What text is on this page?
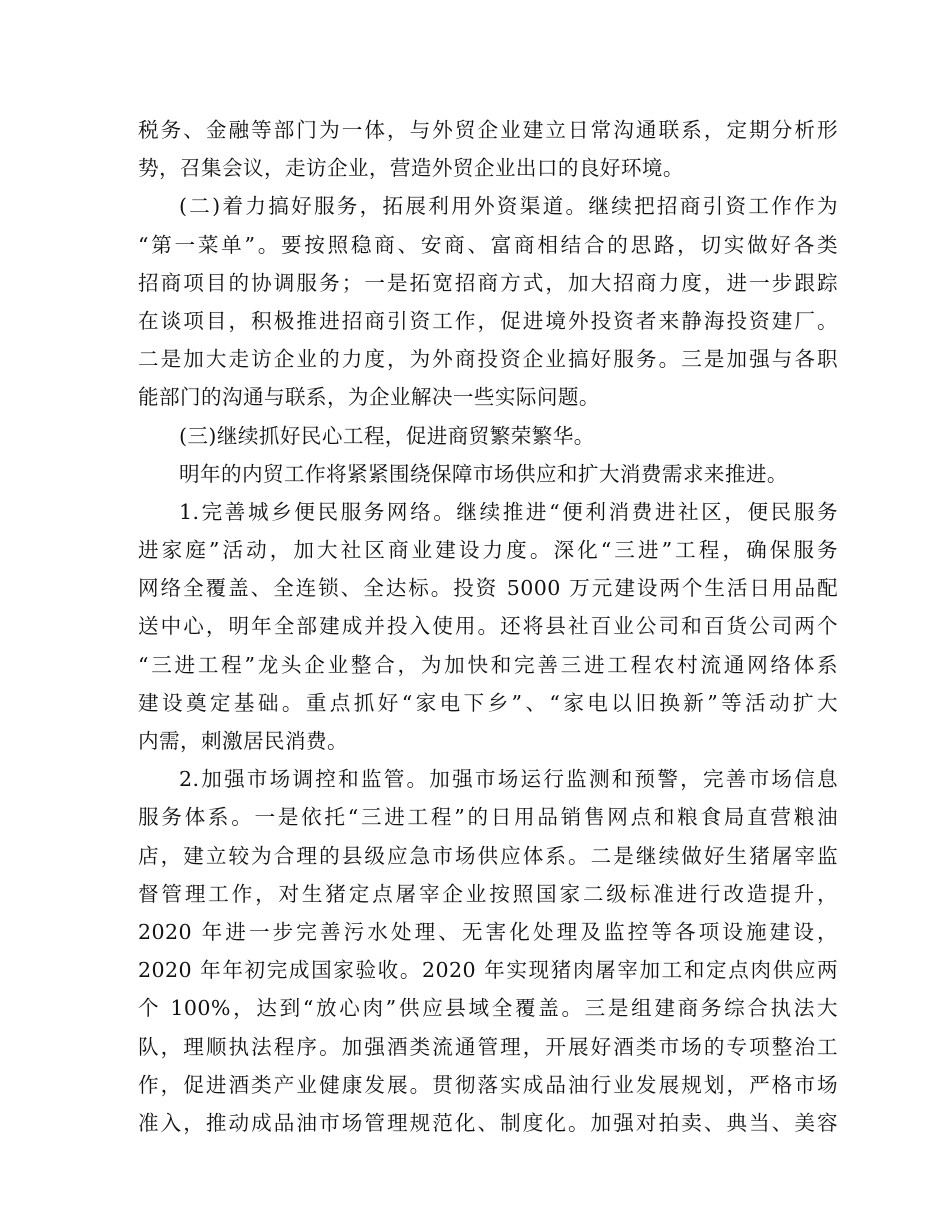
税务、金融等部门为一体，与外贸企业建立日常沟通联系，定期分析形
势，召集会议，走访企业，营造外贸企业出口的良好环境。
(二)着力搞好服务，拓展利用外资渠道。继续把招商引资工作作为
“第一菜单”。要按照稳商、安商、富商相结合的思路，切实做好各类
招商项目的协调服务；一是拓宽招商方式，加大招商力度，进一步跟踪
在谈项目，积极推进招商引资工作，促进境外投资者来静海投资建厂。
二是加大走访企业的力度，为外商投资企业搞好服务。三是加强与各职
能部门的沟通与联系，为企业解决一些实际问题。
(三)继续抓好民心工程，促进商贸繁荣繁华。
明年的内贸工作将紧紧围绕保障市场供应和扩大消费需求来推进。
1.完善城乡便民服务网络。继续推进“便利消费进社区，便民服务
进家庭”活动，加大社区商业建设力度。深化“三进”工程，确保服务
网络全覆盖、全连锁、全达标。投资 5000 万元建设两个生活日用品配
送中心，明年全部建成并投入使用。还将县社百业公司和百货公司两个
“三进工程”龙头企业整合，为加快和完善三进工程农村流通网络体系
建设奠定基础。重点抓好“家电下乡”、“家电以旧换新”等活动扩大
内需，刺激居民消费。
2.加强市场调控和监管。加强市场运行监测和预警，完善市场信息
服务体系。一是依托“三进工程”的日用品销售网点和粮食局直营粮油
店，建立较为合理的县级应急市场供应体系。二是继续做好生猪屠宰监
督管理工作，对生猪定点屠宰企业按照国家二级标准进行改造提升，
2020 年进一步完善污水处理、无害化处理及监控等各项设施建设，
2020 年年初完成国家验收。2020 年实现猪肉屠宰加工和定点肉供应两
个 100%，达到“放心肉”供应县域全覆盖。三是组建商务综合执法大
队，理顺执法程序。加强酒类流通管理，开展好酒类市场的专项整治工
作，促进酒类产业健康发展。贯彻落实成品油行业发展规划，严格市场
准入，推动成品油市场管理规范化、制度化。加强对拍卖、典当、美容
